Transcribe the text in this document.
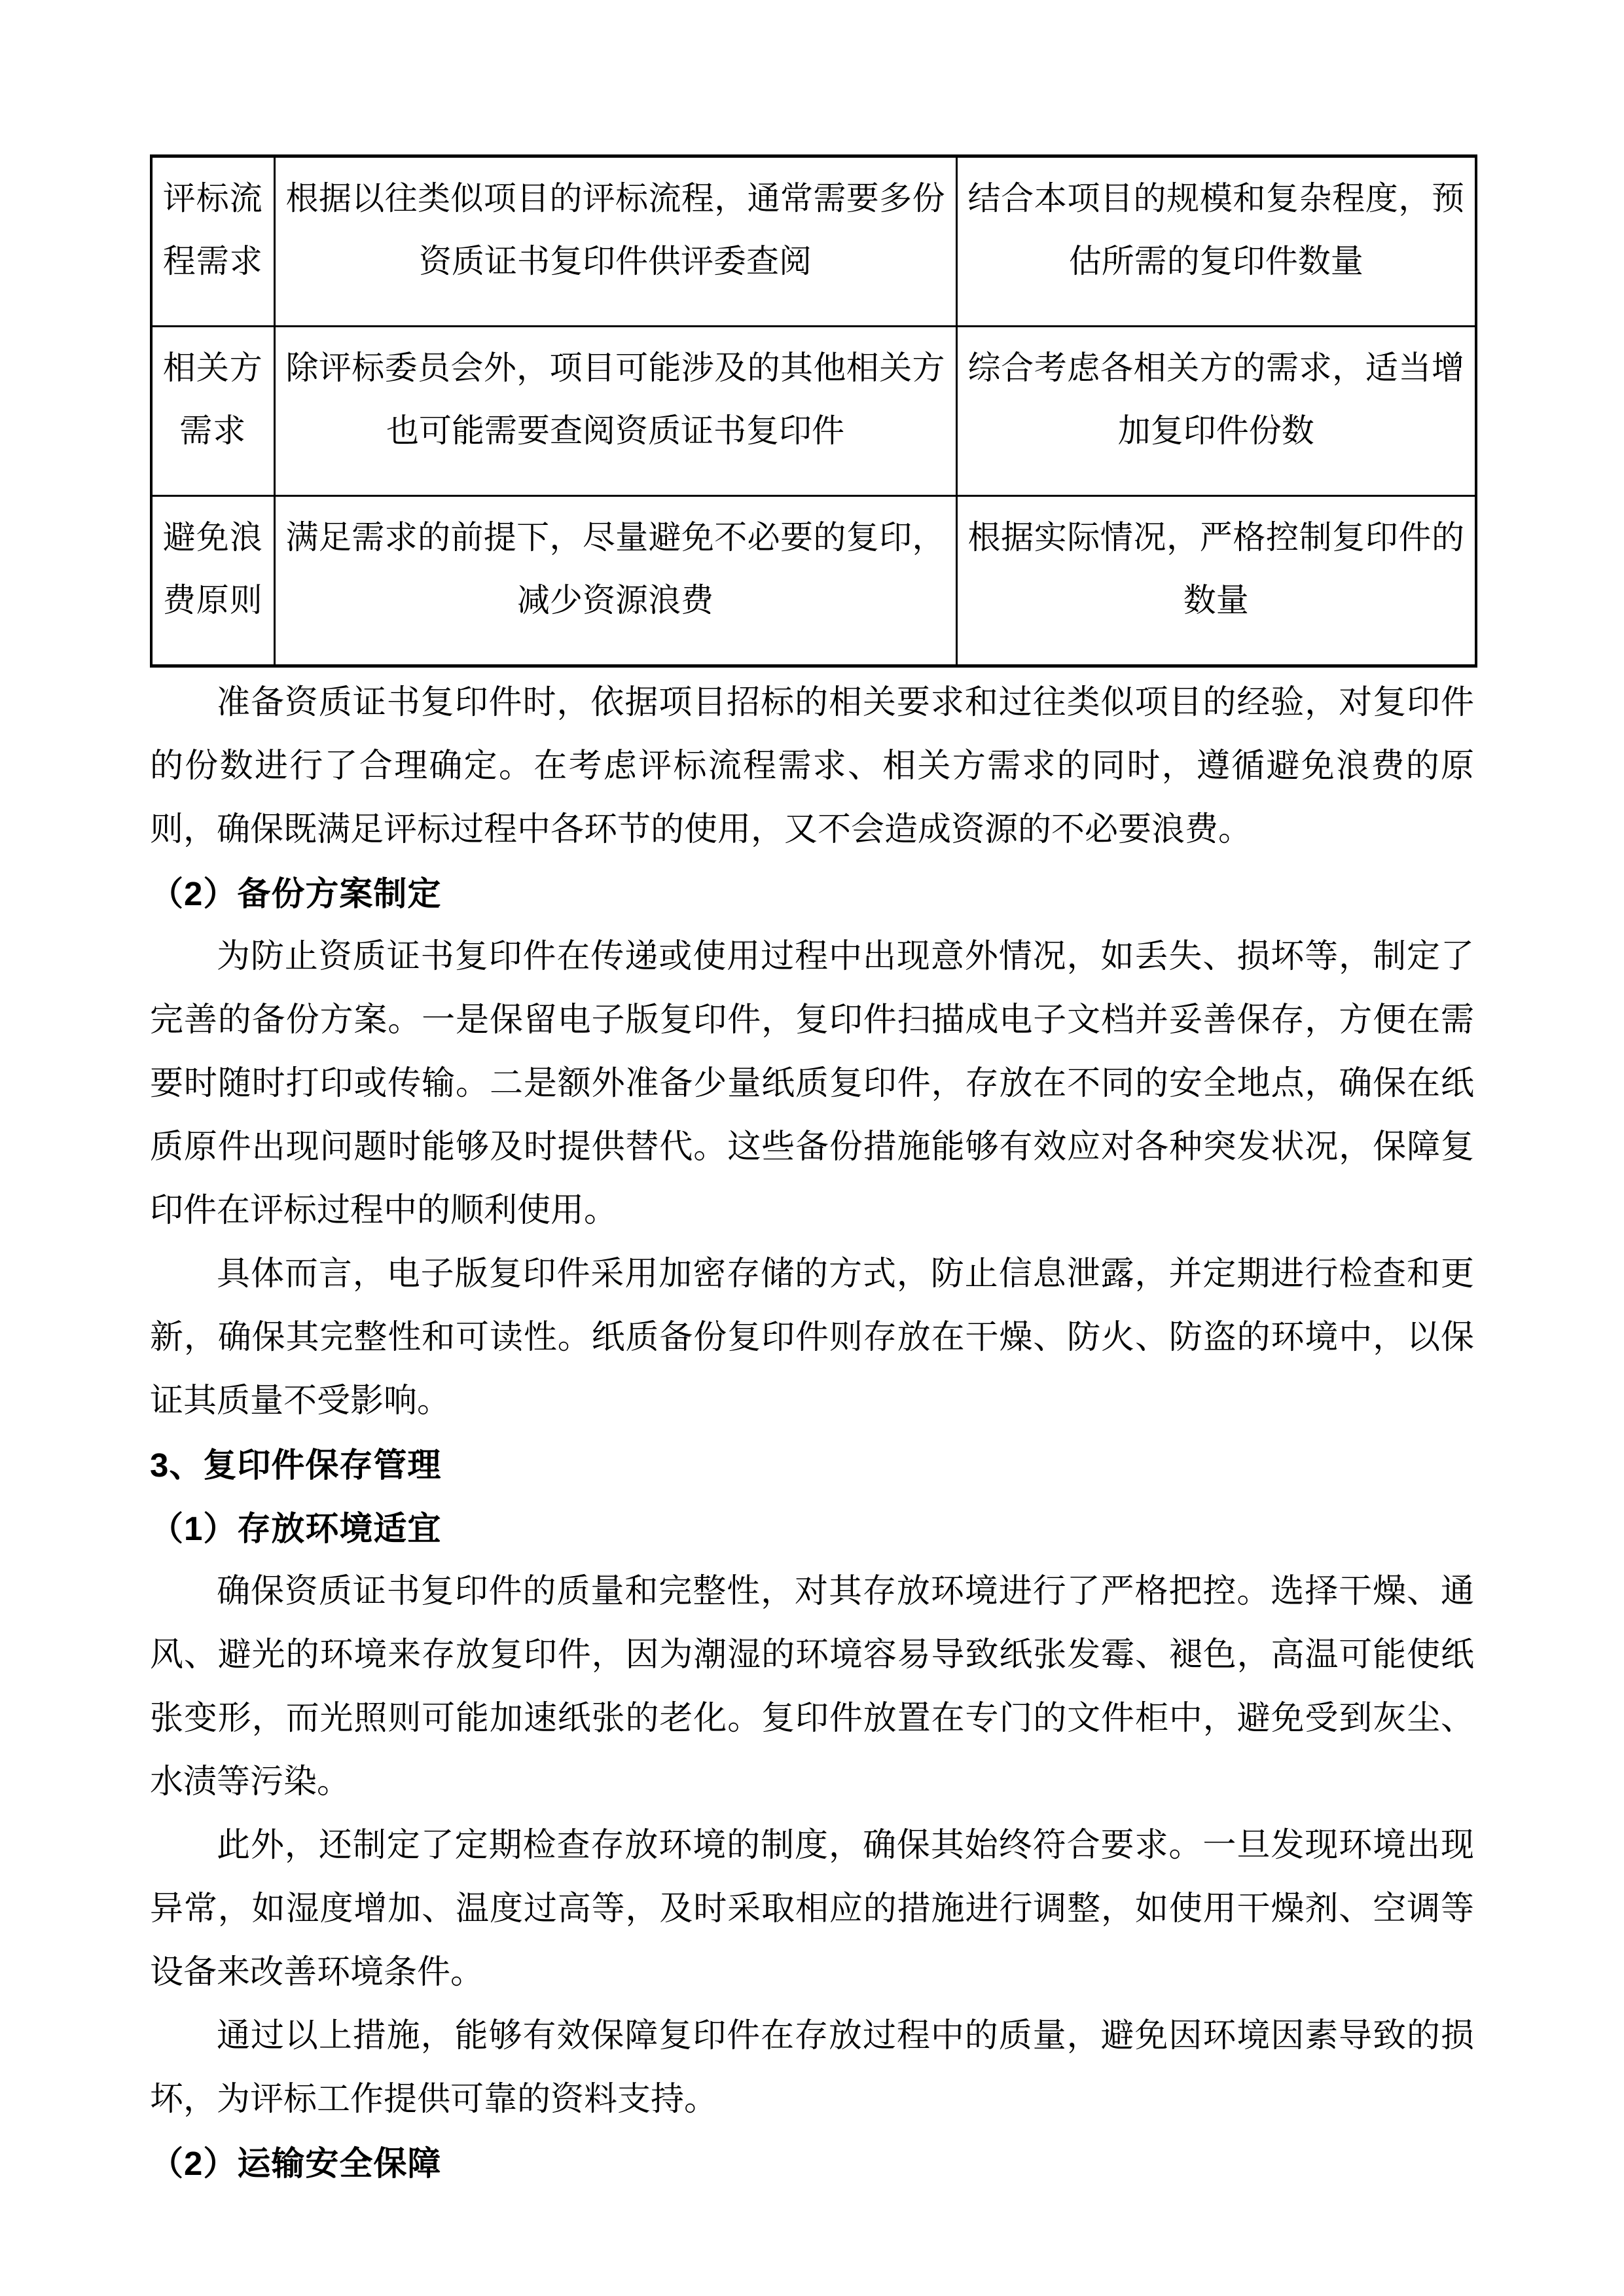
评标流程需求	根据以往类似项目的评标流程，通常需要多份资质证书复印件供评委查阅	结合本项目的规模和复杂程度，预估所需的复印件数量
相关方需求	除评标委员会外，项目可能涉及的其他相关方也可能需要查阅资质证书复印件	综合考虑各相关方的需求，适当增加复印件份数
避免浪费原则	满足需求的前提下，尽量避免不必要的复印，减少资源浪费	根据实际情况，严格控制复印件的数量

准备资质证书复印件时，依据项目招标的相关要求和过往类似项目的经验，对复印件的份数进行了合理确定。在考虑评标流程需求、相关方需求的同时，遵循避免浪费的原则，确保既满足评标过程中各环节的使用，又不会造成资源的不必要浪费。

（2）备份方案制定

为防止资质证书复印件在传递或使用过程中出现意外情况，如丢失、损坏等，制定了完善的备份方案。一是保留电子版复印件，复印件扫描成电子文档并妥善保存，方便在需要时随时打印或传输。二是额外准备少量纸质复印件，存放在不同的安全地点，确保在纸质原件出现问题时能够及时提供替代。这些备份措施能够有效应对各种突发状况，保障复印件在评标过程中的顺利使用。

具体而言，电子版复印件采用加密存储的方式，防止信息泄露，并定期进行检查和更新，确保其完整性和可读性。纸质备份复印件则存放在干燥、防火、防盗的环境中，以保证其质量不受影响。

3、复印件保存管理

（1）存放环境适宜

确保资质证书复印件的质量和完整性，对其存放环境进行了严格把控。选择干燥、通风、避光的环境来存放复印件，因为潮湿的环境容易导致纸张发霉、褪色，高温可能使纸张变形，而光照则可能加速纸张的老化。复印件放置在专门的文件柜中，避免受到灰尘、水渍等污染。

此外，还制定了定期检查存放环境的制度，确保其始终符合要求。一旦发现环境出现异常，如湿度增加、温度过高等，及时采取相应的措施进行调整，如使用干燥剂、空调等设备来改善环境条件。

通过以上措施，能够有效保障复印件在存放过程中的质量，避免因环境因素导致的损坏，为评标工作提供可靠的资料支持。

（2）运输安全保障
